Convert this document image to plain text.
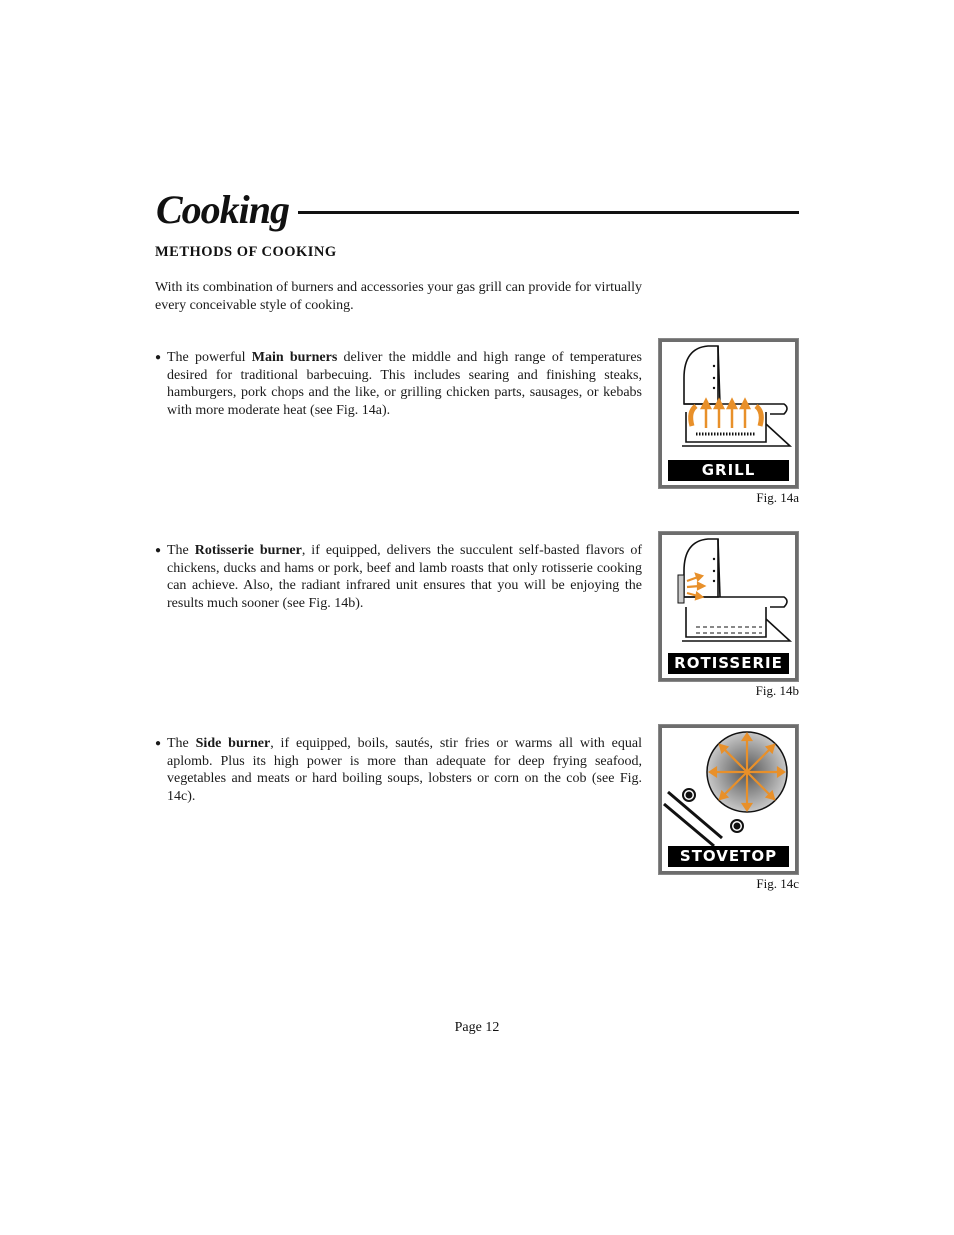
Cooking
METHODS OF COOKING
With its combination of burners and accessories your gas grill can provide for virtually every conceivable style of cooking.
● The powerful Main burners deliver the middle and high range of temperatures desired for traditional barbecuing. This includes searing and finishing steaks, hamburgers, pork chops and the like, or grilling chicken parts, sausages, or kebabs with more moderate heat (see Fig. 14a).
● The Rotisserie burner, if equipped, delivers the succulent self-basted flavors of chickens, ducks and hams or pork, beef and lamb roasts that only rotisserie cooking can achieve. Also, the radiant infrared unit ensures that you will be enjoying the results much sooner (see Fig. 14b).
● The Side burner, if equipped, boils, sautés, stir fries or warms all with equal aplomb. Plus its high power is more than adequate for deep frying seafood, vegetables and meats or hard boiling soups, lobsters or corn on the cob (see Fig. 14c).
GRILL
Fig. 14a
ROTISSERIE
Fig. 14b
STOVETOP
Fig. 14c
Page 12
